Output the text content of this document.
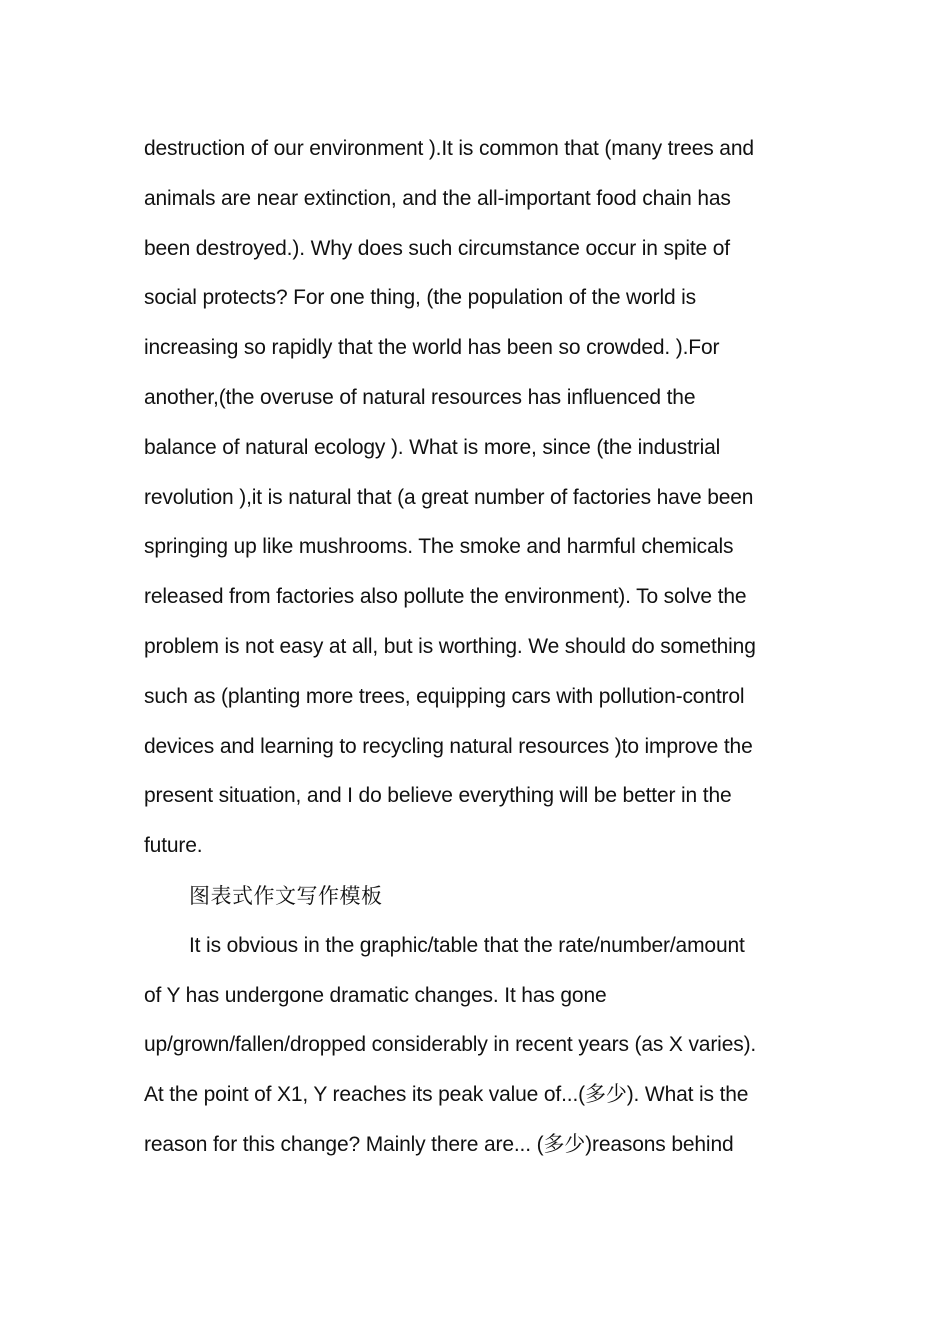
destruction of our environment ).It is common that (many trees and
animals are near extinction, and the all-important food chain has
been destroyed.). Why does such circumstance occur in spite of
social protects? For one thing, (the population of the world is
increasing so rapidly that the world has been so crowded. ).For
another,(the overuse of natural resources has influenced the
balance of natural ecology ). What is more, since (the industrial
revolution ),it is natural that (a great number of factories have been
springing up like mushrooms. The smoke and harmful chemicals
released from factories also pollute the environment). To solve the
problem is not easy at all, but is worthing. We should do something
such as (planting more trees, equipping cars with pollution-control
devices and learning to recycling natural resources )to improve the
present situation, and I do believe everything will be better in the
future.
图表式作文写作模板
It is obvious in the graphic/table that the rate/number/amount
of Y has undergone dramatic changes. It has gone
up/grown/fallen/dropped considerably in recent years (as X varies).
At the point of X1, Y reaches its peak value of...(多少). What is the
reason for this change? Mainly there are... (多少)reasons behind
